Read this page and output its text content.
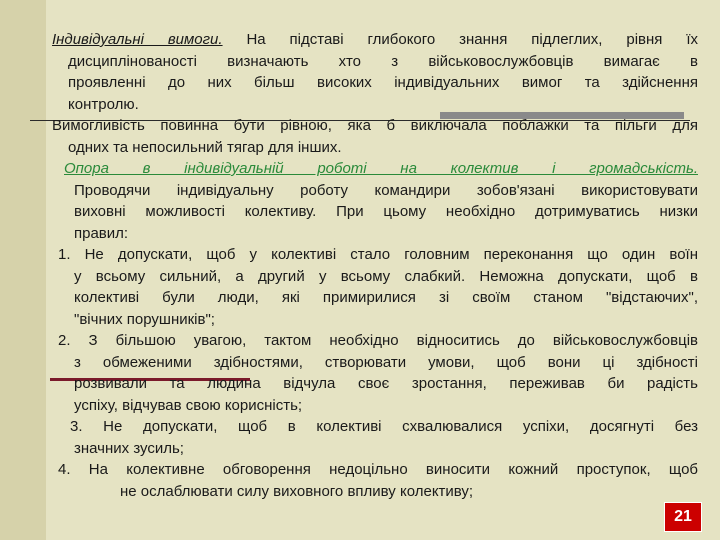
Індивідуальні вимоги. На підставі глибокого знання підлеглих, рівня їх
дисциплінованості визначають хто з військовослужбовців вимагає в
проявленні до них більш високих індивідуальних вимог та здійснення
контролю.
Вимогливість повинна бути рівною, яка б виключала поблажки та пільги для
одних та непосильний тягар для інших.
Опора в індивідуальній роботі на колектив і громадськість.
Проводячи індивідуальну роботу командири зобов'язані використовувати
виховні можливості колективу. При цьому необхідно дотримуватись низки
правил:
1. Не допускати, щоб у колективі стало головним переконання що один воїн
у всьому сильний, а другий у всьому слабкий. Неможна допускати, щоб в
колективі були люди, які примирилися зі своїм станом "відстаючих",
"вічних порушників";
2. З більшою увагою, тактом необхідно відноситись до військовослужбовців
з обмеженими здібностями, створювати умови, щоб вони ці здібності
розвивали та людина відчула своє зростання, переживав би радість
успіху, відчував свою корисність;
3. Не допускати, щоб в колективі схвалювалися успіхи, досягнуті без
значних зусиль;
4. На колективне обговорення недоцільно виносити кожний проступок, щоб
не ослаблювати силу виховного впливу колективу;
21
